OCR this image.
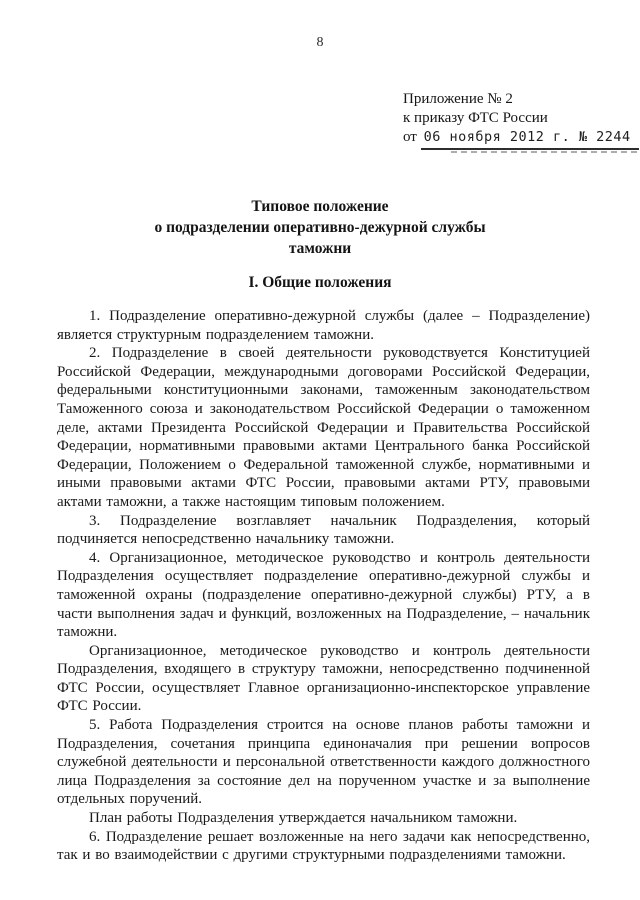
8
Приложение № 2
к приказу ФТС России
от 06 ноября 2012 г. № 2244
Типовое положение
о подразделении оперативно-дежурной службы
таможни
I. Общие положения

1. Подразделение оперативно-дежурной службы (далее – Подразделение) является структурным подразделением таможни.

2. Подразделение в своей деятельности руководствуется Конституцией Российской Федерации, международными договорами Российской Федерации, федеральными конституционными законами, таможенным законодательством Таможенного союза и законодательством Российской Федерации о таможенном деле, актами Президента Российской Федерации и Правительства Российской Федерации, нормативными правовыми актами Центрального банка Российской Федерации, Положением о Федеральной таможенной службе, нормативными и иными правовыми актами ФТС России, правовыми актами РТУ, правовыми актами таможни, а также настоящим типовым положением.

3. Подразделение возглавляет начальник Подразделения, который подчиняется непосредственно начальнику таможни.

4. Организационное, методическое руководство и контроль деятельности Подразделения осуществляет подразделение оперативно-дежурной службы и таможенной охраны (подразделение оперативно-дежурной службы) РТУ, а в части выполнения задач и функций, возложенных на Подразделение, – начальник таможни.

Организационное, методическое руководство и контроль деятельности Подразделения, входящего в структуру таможни, непосредственно подчиненной ФТС России, осуществляет Главное организационно-инспекторское управление ФТС России.

5. Работа Подразделения строится на основе планов работы таможни и Подразделения, сочетания принципа единоначалия при решении вопросов служебной деятельности и персональной ответственности каждого должностного лица Подразделения за состояние дел на порученном участке и за выполнение отдельных поручений.

План работы Подразделения утверждается начальником таможни.

6. Подразделение решает возложенные на него задачи как непосредственно, так и во взаимодействии с другими структурными подразделениями таможни.
